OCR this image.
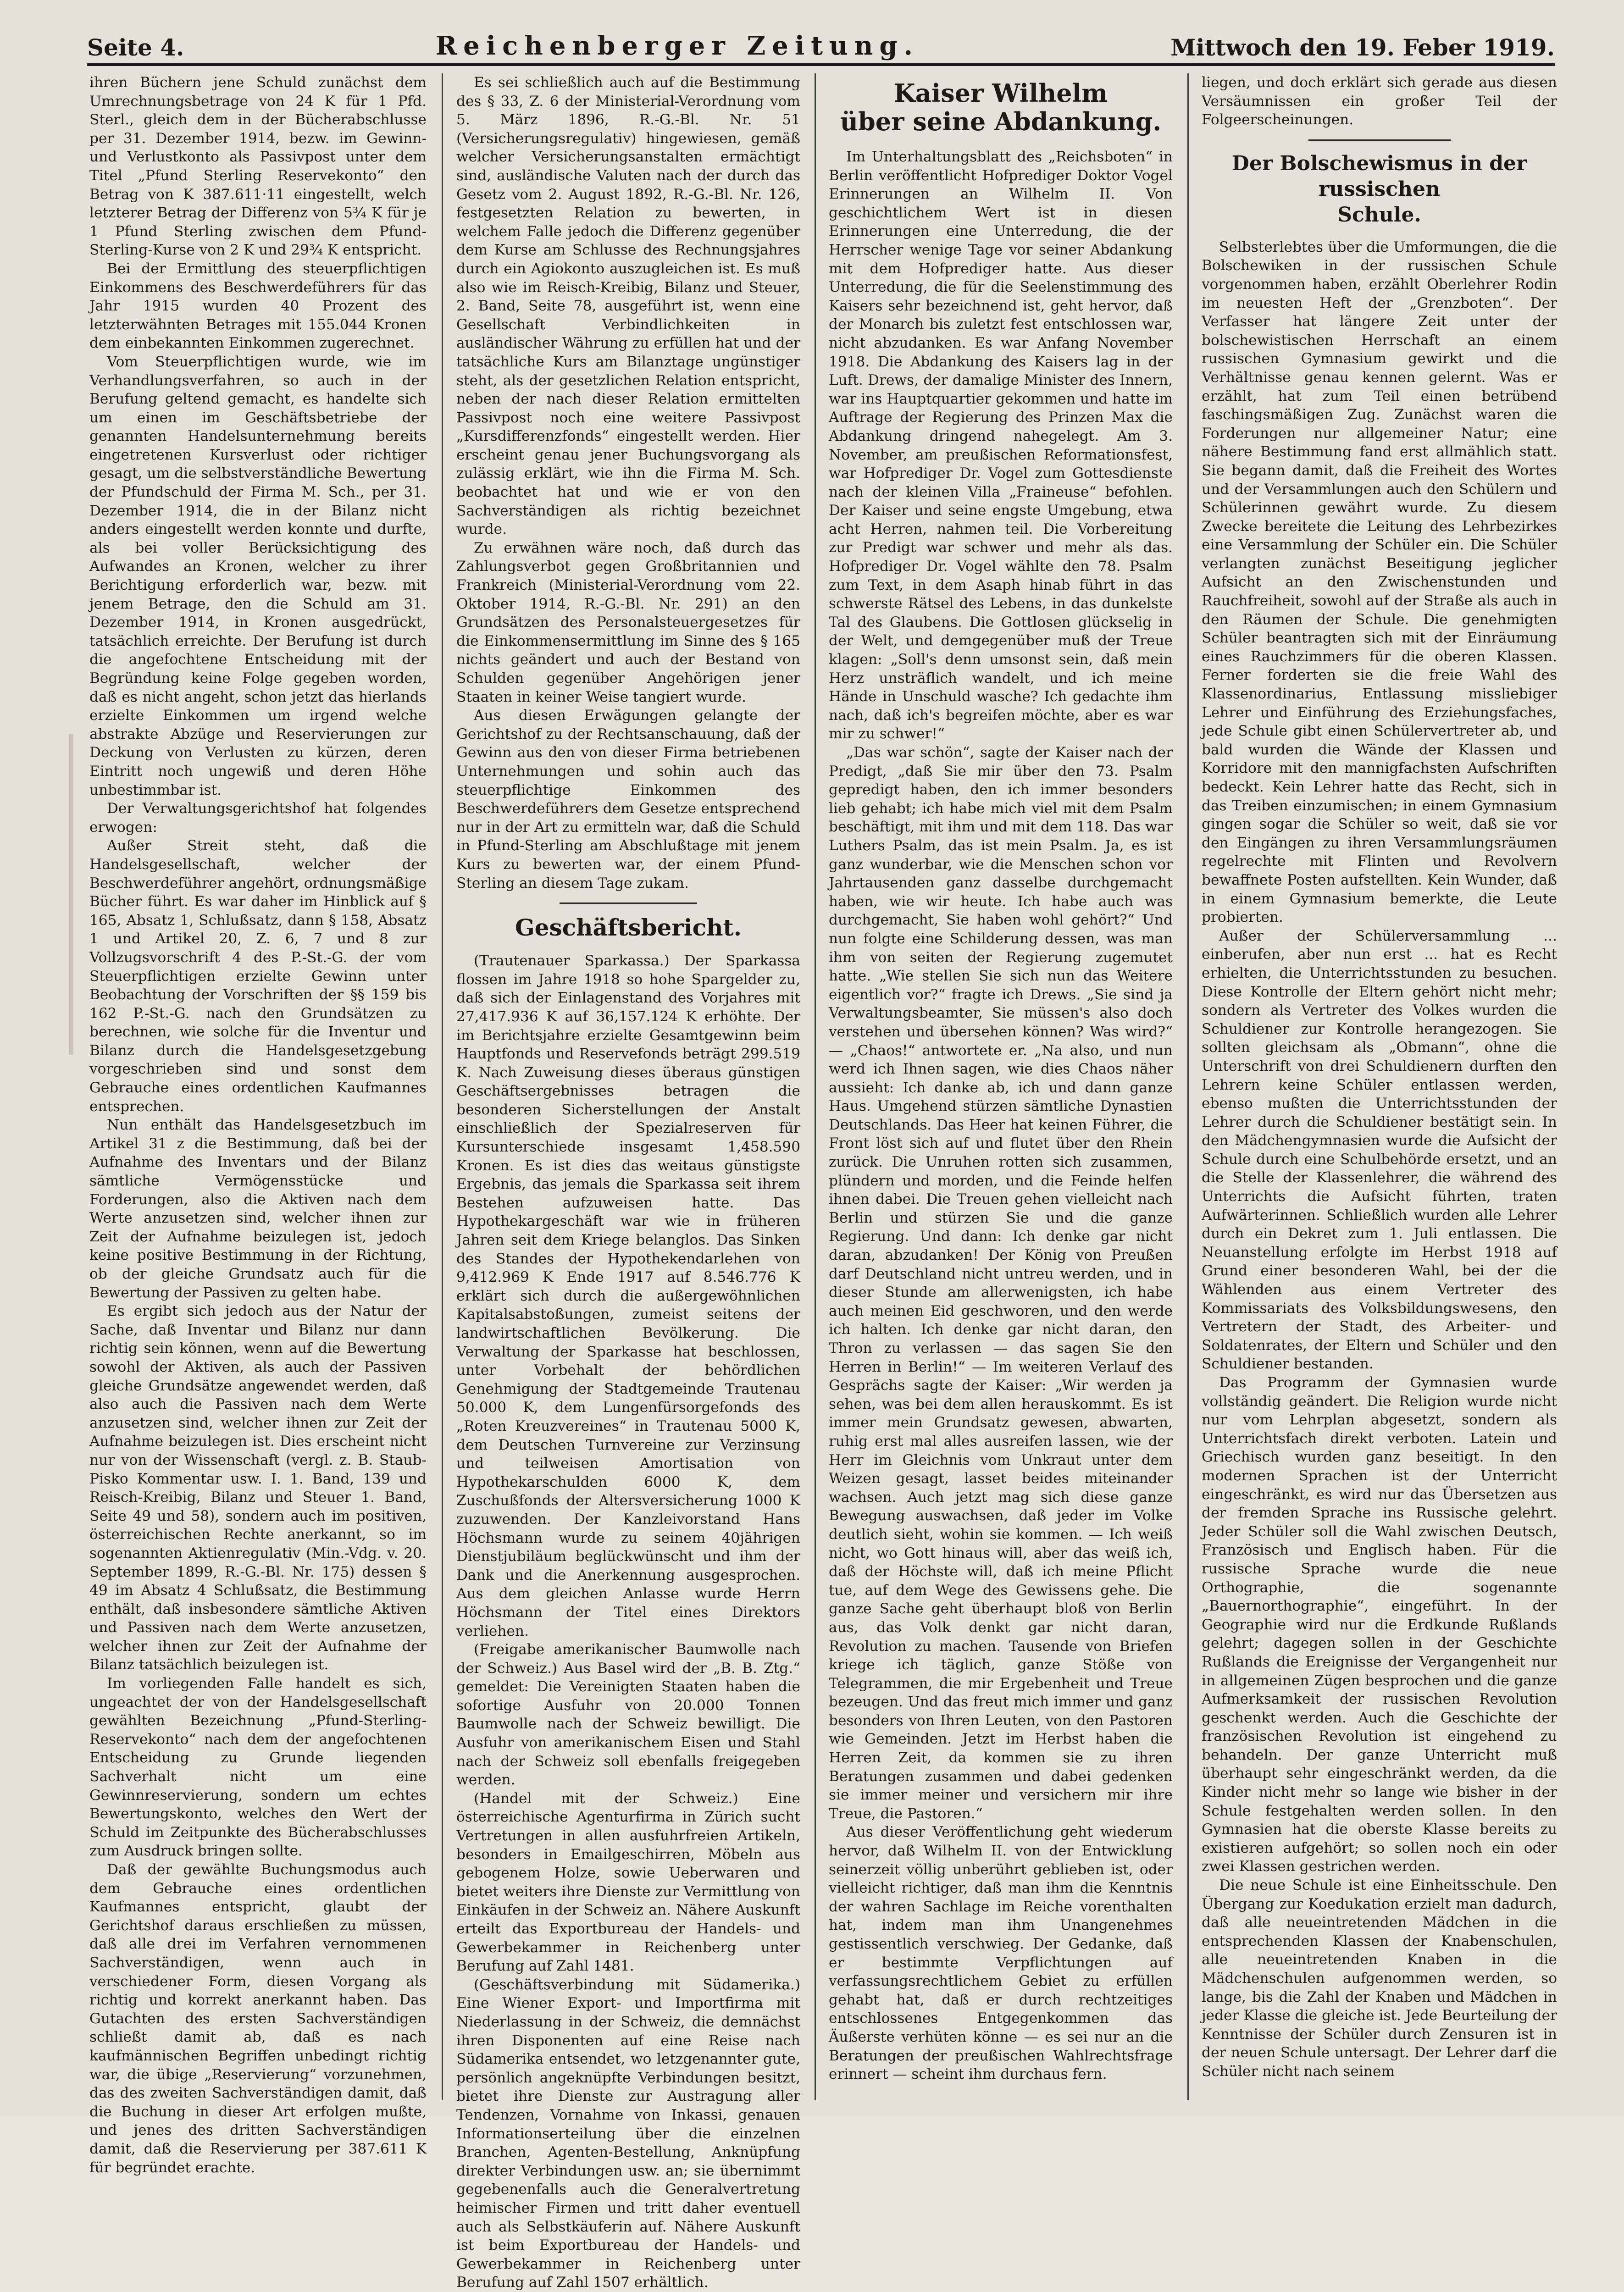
Seite 4.	Reichenberger Zeitung.	Mittwoch den 19. Feber 1919.

ihren Büchern jene Schuld zunächst dem Umrechnungsbetrage von 24 K für 1 Pfd. Sterl., gleich dem in der Bücherabschlusse per 31. Dezember 1914, bezw. im Gewinn- und Verlustkonto als Passivpost unter dem Titel „Pfund Sterling Reservekonto“ den Betrag von K 387.611·11 eingestellt, welch letzterer Betrag der Differenz von 5¾ K für je 1 Pfund Sterling zwischen dem Pfund-Sterling-Kurse von 2 K und 29¾ K entspricht.

Bei der Ermittlung des steuerpflichtigen Einkommens des Beschwerdeführers für das Jahr 1915 wurden 40 Prozent des letzterwähnten Betrages mit 155.044 Kronen dem einbekannten Einkommen zugerechnet.

Vom Steuerpflichtigen wurde, wie im Verhandlungsverfahren, so auch in der Berufung geltend gemacht, es handelte sich um einen im Geschäftsbetriebe der genannten Handelsunternehmung bereits eingetretenen Kursverlust oder richtiger gesagt, um die selbstverständliche Bewertung der Pfundschuld der Firma M. Sch., per 31. Dezember 1914, die in der Bilanz nicht anders eingestellt werden konnte und durfte, als bei voller Berücksichtigung des Aufwandes an Kronen, welcher zu ihrer Berichtigung erforderlich war, bezw. mit jenem Betrage, den die Schuld am 31. Dezember 1914, in Kronen ausgedrückt, tatsächlich erreichte. Der Berufung ist durch die angefochtene Entscheidung mit der Begründung keine Folge gegeben worden, daß es nicht angeht, schon jetzt das hierlands erzielte Einkommen um irgend welche abstrakte Abzüge und Reservierungen zur Deckung von Verlusten zu kürzen, deren Eintritt noch ungewiß und deren Höhe unbestimmbar ist.

Der Verwaltungsgerichtshof hat folgendes erwogen:

Außer Streit steht, daß die Handelsgesellschaft, welcher der Beschwerdeführer angehört, ordnungsmäßige Bücher führt. Es war daher im Hinblick auf § 165, Absatz 1, Schlußsatz, dann § 158, Absatz 1 und Artikel 20, Z. 6, 7 und 8 zur Vollzugsvorschrift 4 des P.-St.-G. der vom Steuerpflichtigen erzielte Gewinn unter Beobachtung der Vorschriften der §§ 159 bis 162 P.-St.-G. nach den Grundsätzen zu berechnen, wie solche für die Inventur und Bilanz durch die Handelsgesetzgebung vorgeschrieben sind und sonst dem Gebrauche eines ordentlichen Kaufmannes entsprechen.

Nun enthält das Handelsgesetzbuch im Artikel 31 z die Bestimmung, daß bei der Aufnahme des Inventars und der Bilanz sämtliche Vermögensstücke und Forderungen, also die Aktiven nach dem Werte anzusetzen sind, welcher ihnen zur Zeit der Aufnahme beizulegen ist, jedoch keine positive Bestimmung in der Richtung, ob der gleiche Grundsatz auch für die Bewertung der Passiven zu gelten habe.

Es ergibt sich jedoch aus der Natur der Sache, daß Inventar und Bilanz nur dann richtig sein können, wenn auf die Bewertung sowohl der Aktiven, als auch der Passiven gleiche Grundsätze angewendet werden, daß also auch die Passiven nach dem Werte anzusetzen sind, welcher ihnen zur Zeit der Aufnahme beizulegen ist. Dies erscheint nicht nur von der Wissenschaft (vergl. z. B. Staub-Pisko Kommentar usw. I. 1. Band, 139 und Reisch-Kreibig, Bilanz und Steuer 1. Band, Seite 49 und 58), sondern auch im positiven, österreichischen Rechte anerkannt, so im sogenannten Aktienregulativ (Min.-Vdg. v. 20. September 1899, R.-G.-Bl. Nr. 175) dessen § 49 im Absatz 4 Schlußsatz, die Bestimmung enthält, daß insbesondere sämtliche Aktiven und Passiven nach dem Werte anzusetzen, welcher ihnen zur Zeit der Aufnahme der Bilanz tatsächlich beizulegen ist.

Im vorliegenden Falle handelt es sich, ungeachtet der von der Handelsgesellschaft gewählten Bezeichnung „Pfund-Sterling-Reservekonto“ nach dem der angefochtenen Entscheidung zu Grunde liegenden Sachverhalt nicht um eine Gewinnreservierung, sondern um echtes Bewertungskonto, welches den Wert der Schuld im Zeitpunkte des Bücherabschlusses zum Ausdruck bringen sollte.

Daß der gewählte Buchungsmodus auch dem Gebrauche eines ordentlichen Kaufmannes entspricht, glaubt der Gerichtshof daraus erschließen zu müssen, daß alle drei im Verfahren vernommenen Sachverständigen, wenn auch in verschiedener Form, diesen Vorgang als richtig und korrekt anerkannt haben. Das Gutachten des ersten Sachverständigen schließt damit ab, daß es nach kaufmännischen Begriffen unbedingt richtig war, die übige „Reservierung“ vorzunehmen, das des zweiten Sachverständigen damit, daß die Buchung in dieser Art erfolgen mußte, und jenes des dritten Sachverständigen damit, daß die Reservierung per 387.611 K für begründet erachte.

Es sei schließlich auch auf die Bestimmung des § 33, Z. 6 der Ministerial-Verordnung vom 5. März 1896, R.-G.-Bl. Nr. 51 (Versicherungsregulativ) hingewiesen, gemäß welcher Versicherungsanstalten ermächtigt sind, ausländische Valuten nach der durch das Gesetz vom 2. August 1892, R.-G.-Bl. Nr. 126, festgesetzten Relation zu bewerten, in welchem Falle jedoch die Differenz gegenüber dem Kurse am Schlusse des Rechnungsjahres durch ein Agiokonto auszugleichen ist. Es muß also wie im Reisch-Kreibig, Bilanz und Steuer, 2. Band, Seite 78, ausgeführt ist, wenn eine Gesellschaft Verbindlichkeiten in ausländischer Währung zu erfüllen hat und der tatsächliche Kurs am Bilanztage ungünstiger steht, als der gesetzlichen Relation entspricht, neben der nach dieser Relation ermittelten Passivpost noch eine weitere Passivpost „Kursdifferenzfonds“ eingestellt werden. Hier erscheint genau jener Buchungsvorgang als zulässig erklärt, wie ihn die Firma M. Sch. beobachtet hat und wie er von den Sachverständigen als richtig bezeichnet wurde.

Zu erwähnen wäre noch, daß durch das Zahlungsverbot gegen Großbritannien und Frankreich (Ministerial-Verordnung vom 22. Oktober 1914, R.-G.-Bl. Nr. 291) an den Grundsätzen des Personalsteuergesetzes für die Einkommensermittlung im Sinne des § 165 nichts geändert und auch der Bestand von Schulden gegenüber Angehörigen jener Staaten in keiner Weise tangiert wurde.

Aus diesen Erwägungen gelangte der Gerichtshof zu der Rechtsanschauung, daß der Gewinn aus den von dieser Firma betriebenen Unternehmungen und sohin auch das steuerpflichtige Einkommen des Beschwerdeführers dem Gesetze entsprechend nur in der Art zu ermitteln war, daß die Schuld in Pfund-Sterling am Abschlußtage mit jenem Kurs zu bewerten war, der einem Pfund-Sterling an diesem Tage zukam.

Geschäftsbericht.

(Trautenauer Sparkassa.) Der Sparkassa flossen im Jahre 1918 so hohe Spargelder zu, daß sich der Einlagenstand des Vorjahres mit 27,417.936 K auf 36,157.124 K erhöhte. Der im Berichtsjahre erzielte Gesamtgewinn beim Hauptfonds und Reservefonds beträgt 299.519 K. Nach Zuweisung dieses überaus günstigen Geschäftsergebnisses betragen die besonderen Sicherstellungen der Anstalt einschließlich der Spezialreserven für Kursunterschiede insgesamt 1,458.590 Kronen. Es ist dies das weitaus günstigste Ergebnis, das jemals die Sparkassa seit ihrem Bestehen aufzuweisen hatte. Das Hypothekargeschäft war wie in früheren Jahren seit dem Kriege belanglos. Das Sinken des Standes der Hypothekendarlehen von 9,412.969 K Ende 1917 auf 8.546.776 K erklärt sich durch die außergewöhnlichen Kapitalsabstoßungen, zumeist seitens der landwirtschaftlichen Bevölkerung. Die Verwaltung der Sparkasse hat beschlossen, unter Vorbehalt der behördlichen Genehmigung der Stadtgemeinde Trautenau 50.000 K, dem Lungenfürsorgefonds des „Roten Kreuzvereines“ in Trautenau 5000 K, dem Deutschen Turnvereine zur Verzinsung und teilweisen Amortisation von Hypothekarschulden 6000 K, dem Zuschußfonds der Altersversicherung 1000 K zuzuwenden. Der Kanzleivorstand Hans Höchsmann wurde zu seinem 40jährigen Dienstjubiläum beglückwünscht und ihm der Dank und die Anerkennung ausgesprochen. Aus dem gleichen Anlasse wurde Herrn Höchsmann der Titel eines Direktors verliehen.

(Freigabe amerikanischer Baumwolle nach der Schweiz.) Aus Basel wird der „B. B. Ztg.“ gemeldet: Die Vereinigten Staaten haben die sofortige Ausfuhr von 20.000 Tonnen Baumwolle nach der Schweiz bewilligt. Die Ausfuhr von amerikanischem Eisen und Stahl nach der Schweiz soll ebenfalls freigegeben werden.

(Handel mit der Schweiz.) Eine österreichische Agenturfirma in Zürich sucht Vertretungen in allen ausfuhrfreien Artikeln, besonders in Emailgeschirren, Möbeln aus gebogenem Holze, sowie Ueberwaren und bietet weiters ihre Dienste zur Vermittlung von Einkäufen in der Schweiz an. Nähere Auskunft erteilt das Exportbureau der Handels- und Gewerbekammer in Reichenberg unter Berufung auf Zahl 1481.

(Geschäftsverbindung mit Südamerika.) Eine Wiener Export- und Importfirma mit Niederlassung in der Schweiz, die demnächst ihren Disponenten auf eine Reise nach Südamerika entsendet, wo letzgenannter gute, persönlich angeknüpfte Verbindungen besitzt, bietet ihre Dienste zur Austragung aller Tendenzen, Vornahme von Inkassi, genauen Informationserteilung über die einzelnen Branchen, Agenten-Bestellung, Anknüpfung direkter Verbindungen usw. an; sie übernimmt gegebenenfalls auch die Generalvertretung heimischer Firmen und tritt daher eventuell auch als Selbstkäuferin auf. Nähere Auskunft ist beim Exportbureau der Handels- und Gewerbekammer in Reichenberg unter Berufung auf Zahl 1507 erhältlich.

Kaiser Wilhelm
über seine Abdankung.

Im Unterhaltungsblatt des „Reichsboten“ in Berlin veröffentlicht Hofprediger Doktor Vogel Erinnerungen an Wilhelm II. Von geschichtlichem Wert ist in diesen Erinnerungen eine Unterredung, die der Herrscher wenige Tage vor seiner Abdankung mit dem Hofprediger hatte. Aus dieser Unterredung, die für die Seelenstimmung des Kaisers sehr bezeichnend ist, geht hervor, daß der Monarch bis zuletzt fest entschlossen war, nicht abzudanken. Es war Anfang November 1918. Die Abdankung des Kaisers lag in der Luft. Drews, der damalige Minister des Innern, war ins Hauptquartier gekommen und hatte im Auftrage der Regierung des Prinzen Max die Abdankung dringend nahegelegt. Am 3. November, am preußischen Reformationsfest, war Hofprediger Dr. Vogel zum Gottesdienste nach der kleinen Villa „Fraineuse“ befohlen. Der Kaiser und seine engste Umgebung, etwa acht Herren, nahmen teil. Die Vorbereitung zur Predigt war schwer und mehr als das. Hofprediger Dr. Vogel wählte den 78. Psalm zum Text, in dem Asaph hinab führt in das schwerste Rätsel des Lebens, in das dunkelste Tal des Glaubens. Die Gottlosen glückselig in der Welt, und demgegenüber muß der Treue klagen: „Soll's denn umsonst sein, daß mein Herz unsträflich wandelt, und ich meine Hände in Unschuld wasche? Ich gedachte ihm nach, daß ich's begreifen möchte, aber es war mir zu schwer!“

„Das war schön“, sagte der Kaiser nach der Predigt, „daß Sie mir über den 73. Psalm gepredigt haben, den ich immer besonders lieb gehabt; ich habe mich viel mit dem Psalm beschäftigt, mit ihm und mit dem 118. Das war Luthers Psalm, das ist mein Psalm. Ja, es ist ganz wunderbar, wie die Menschen schon vor Jahrtausenden ganz dasselbe durchgemacht haben, wie wir heute. Ich habe auch was durchgemacht, Sie haben wohl gehört?“ Und nun folgte eine Schilderung dessen, was man ihm von seiten der Regierung zugemutet hatte. „Wie stellen Sie sich nun das Weitere eigentlich vor?“ fragte ich Drews. „Sie sind ja Verwaltungsbeamter, Sie müssen's also doch verstehen und übersehen können? Was wird?“ — „Chaos!“ antwortete er. „Na also, und nun werd ich Ihnen sagen, wie dies Chaos näher aussieht: Ich danke ab, ich und dann ganze Haus. Umgehend stürzen sämtliche Dynastien Deutschlands. Das Heer hat keinen Führer, die Front löst sich auf und flutet über den Rhein zurück. Die Unruhen rotten sich zusammen, plündern und morden, und die Feinde helfen ihnen dabei. Die Treuen gehen vielleicht nach Berlin und stürzen Sie und die ganze Regierung. Und dann: Ich denke gar nicht daran, abzudanken! Der König von Preußen darf Deutschland nicht untreu werden, und in dieser Stunde am allerwenigsten, ich habe auch meinen Eid geschworen, und den werde ich halten. Ich denke gar nicht daran, den Thron zu verlassen — das sagen Sie den Herren in Berlin!“ — Im weiteren Verlauf des Gesprächs sagte der Kaiser: „Wir werden ja sehen, was bei dem allen herauskommt. Es ist immer mein Grundsatz gewesen, abwarten, ruhig erst mal alles ausreifen lassen, wie der Herr im Gleichnis vom Unkraut unter dem Weizen gesagt, lasset beides miteinander wachsen. Auch jetzt mag sich diese ganze Bewegung auswachsen, daß jeder im Volke deutlich sieht, wohin sie kommen. — Ich weiß nicht, wo Gott hinaus will, aber das weiß ich, daß der Höchste will, daß ich meine Pflicht tue, auf dem Wege des Gewissens gehe. Die ganze Sache geht überhaupt bloß von Berlin aus, das Volk denkt gar nicht daran, Revolution zu machen. Tausende von Briefen kriege ich täglich, ganze Stöße von Telegrammen, die mir Ergebenheit und Treue bezeugen. Und das freut mich immer und ganz besonders von Ihren Leuten, von den Pastoren wie Gemeinden. Jetzt im Herbst haben die Herren Zeit, da kommen sie zu ihren Beratungen zusammen und dabei gedenken sie immer meiner und versichern mir ihre Treue, die Pastoren.“

Aus dieser Veröffentlichung geht wiederum hervor, daß Wilhelm II. von der Entwicklung seinerzeit völlig unberührt geblieben ist, oder vielleicht richtiger, daß man ihm die Kenntnis der wahren Sachlage im Reiche vorenthalten hat, indem man ihm Unangenehmes gestissentlich verschwieg. Der Gedanke, daß er bestimmte Verpflichtungen auf verfassungsrechtlichem Gebiet zu erfüllen gehabt hat, daß er durch rechtzeitiges entschlossenes Entgegenkommen das Äußerste verhüten könne — es sei nur an die Beratungen der preußischen Wahlrechtsfrage erinnert — scheint ihm durchaus fern.

liegen, und doch erklärt sich gerade aus diesen Versäumnissen ein großer Teil der Folgeerscheinungen.

Der Bolschewismus in der russischen
Schule.

Selbsterlebtes über die Umformungen, die die Bolschewiken in der russischen Schule vorgenommen haben, erzählt Oberlehrer Rodin im neuesten Heft der „Grenzboten“. Der Verfasser hat längere Zeit unter der bolschewistischen Herrschaft an einem russischen Gymnasium gewirkt und die Verhältnisse genau kennen gelernt. Was er erzählt, hat zum Teil einen betrübend faschingsmäßigen Zug. Zunächst waren die Forderungen nur allgemeiner Natur; eine nähere Bestimmung fand erst allmählich statt. Sie begann damit, daß die Freiheit des Wortes und der Versammlungen auch den Schülern und Schülerinnen gewährt wurde. Zu diesem Zwecke bereitete die Leitung des Lehrbezirkes eine Versammlung der Schüler ein. Die Schüler verlangten zunächst Beseitigung jeglicher Aufsicht an den Zwischenstunden und Rauchfreiheit, sowohl auf der Straße als auch in den Räumen der Schule. Die genehmigten Schüler beantragten sich mit der Einräumung eines Rauchzimmers für die oberen Klassen. Ferner forderten sie die freie Wahl des Klassenordinarius, Entlassung missliebiger Lehrer und Einführung des Erziehungsfaches, jede Schule gibt einen Schülervertreter ab, und bald wurden die Wände der Klassen und Korridore mit den mannigfachsten Aufschriften bedeckt. Kein Lehrer hatte das Recht, sich in das Treiben einzumischen; in einem Gymnasium gingen sogar die Schüler so weit, daß sie vor den Eingängen zu ihren Versammlungsräumen regelrechte mit Flinten und Revolvern bewaffnete Posten aufstellten. Kein Wunder, daß in einem Gymnasium bemerkte, die Leute probierten.

Außer der Schülerversammlung ... einberufen, aber nun erst ... hat es Recht erhielten, die Unterrichtsstunden zu besuchen. Diese Kontrolle der Eltern gehört nicht mehr; sondern als Vertreter des Volkes wurden die Schuldiener zur Kontrolle herangezogen. Sie sollten gleichsam als „Obmann“, ohne die Unterschrift von drei Schuldienern durften den Lehrern keine Schüler entlassen werden, ebenso mußten die Unterrichtsstunden der Lehrer durch die Schuldiener bestätigt sein. In den Mädchengymnasien wurde die Aufsicht der Schule durch eine Schulbehörde ersetzt, und an die Stelle der Klassenlehrer, die während des Unterrichts die Aufsicht führten, traten Aufwärterinnen. Schließlich wurden alle Lehrer durch ein Dekret zum 1. Juli entlassen. Die Neuanstellung erfolgte im Herbst 1918 auf Grund einer besonderen Wahl, bei der die Wählenden aus einem Vertreter des Kommissariats des Volksbildungswesens, den Vertretern der Stadt, des Arbeiter- und Soldatenrates, der Eltern und Schüler und den Schuldiener bestanden.

Das Programm der Gymnasien wurde vollständig geändert. Die Religion wurde nicht nur vom Lehrplan abgesetzt, sondern als Unterrichtsfach direkt verboten. Latein und Griechisch wurden ganz beseitigt. In den modernen Sprachen ist der Unterricht eingeschränkt, es wird nur das Übersetzen aus der fremden Sprache ins Russische gelehrt. Jeder Schüler soll die Wahl zwischen Deutsch, Französisch und Englisch haben. Für die russische Sprache wurde die neue Orthographie, die sogenannte „Bauernorthographie“, eingeführt. In der Geographie wird nur die Erdkunde Rußlands gelehrt; dagegen sollen in der Geschichte Rußlands die Ereignisse der Vergangenheit nur in allgemeinen Zügen besprochen und die ganze Aufmerksamkeit der russischen Revolution geschenkt werden. Auch die Geschichte der französischen Revolution ist eingehend zu behandeln. Der ganze Unterricht muß überhaupt sehr eingeschränkt werden, da die Kinder nicht mehr so lange wie bisher in der Schule festgehalten werden sollen. In den Gymnasien hat die oberste Klasse bereits zu existieren aufgehört; so sollen noch ein oder zwei Klassen gestrichen werden.

Die neue Schule ist eine Einheitsschule. Den Übergang zur Koedukation erzielt man dadurch, daß alle neueintretenden Mädchen in die entsprechenden Klassen der Knabenschulen, alle neueintretenden Knaben in die Mädchenschulen aufgenommen werden, so lange, bis die Zahl der Knaben und Mädchen in jeder Klasse die gleiche ist. Jede Beurteilung der Kenntnisse der Schüler durch Zensuren ist in der neuen Schule untersagt. Der Lehrer darf die Schüler nicht nach seinem
